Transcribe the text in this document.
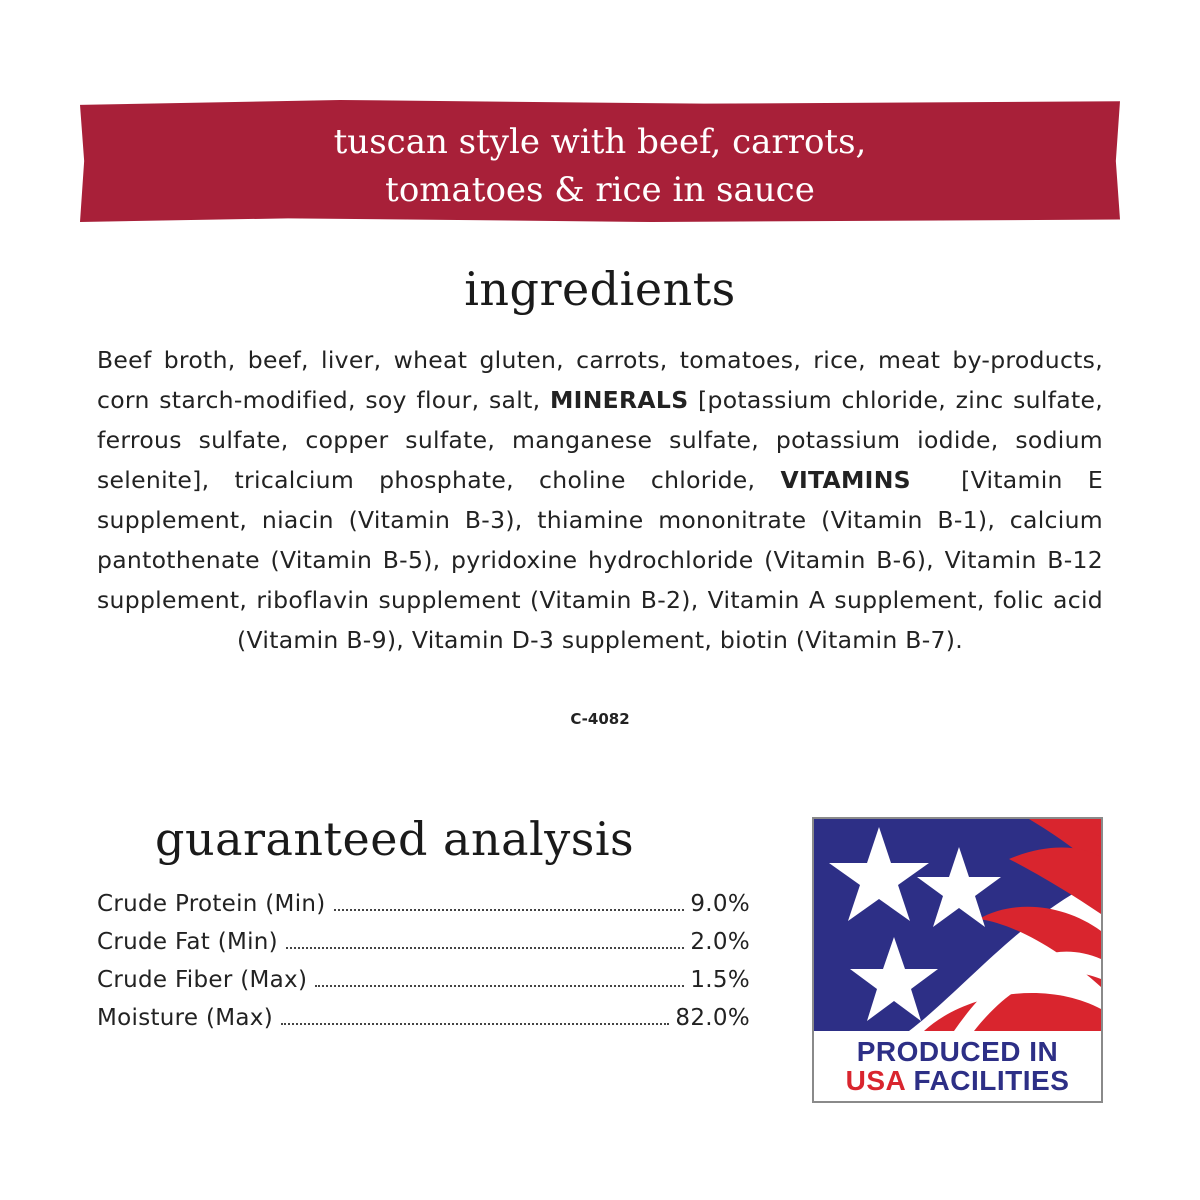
tuscan style with beef, carrots,
tomatoes & rice in sauce
ingredients
Beef broth, beef, liver, wheat gluten, carrots, tomatoes, rice, meat by-products, corn starch-modified, soy flour, salt, MINERALS [potassium chloride, zinc sulfate, ferrous sulfate, copper sulfate, manganese sulfate, potassium iodide, sodium selenite], tricalcium phosphate, choline chloride, VITAMINS  [Vitamin E supplement, niacin (Vitamin B-3), thiamine mononitrate (Vitamin B-1), calcium pantothenate (Vitamin B-5), pyridoxine hydrochloride (Vitamin B-6), Vitamin B-12 supplement, riboflavin supplement (Vitamin B-2), Vitamin A supplement, folic acid (Vitamin B-9), Vitamin D-3 supplement, biotin (Vitamin B-7).
C-4082
guaranteed analysis
Crude Protein (Min)	9.0%
Crude Fat (Min)	2.0%
Crude Fiber (Max)	1.5%
Moisture (Max)	82.0%
PRODUCED IN
USA FACILITIES
